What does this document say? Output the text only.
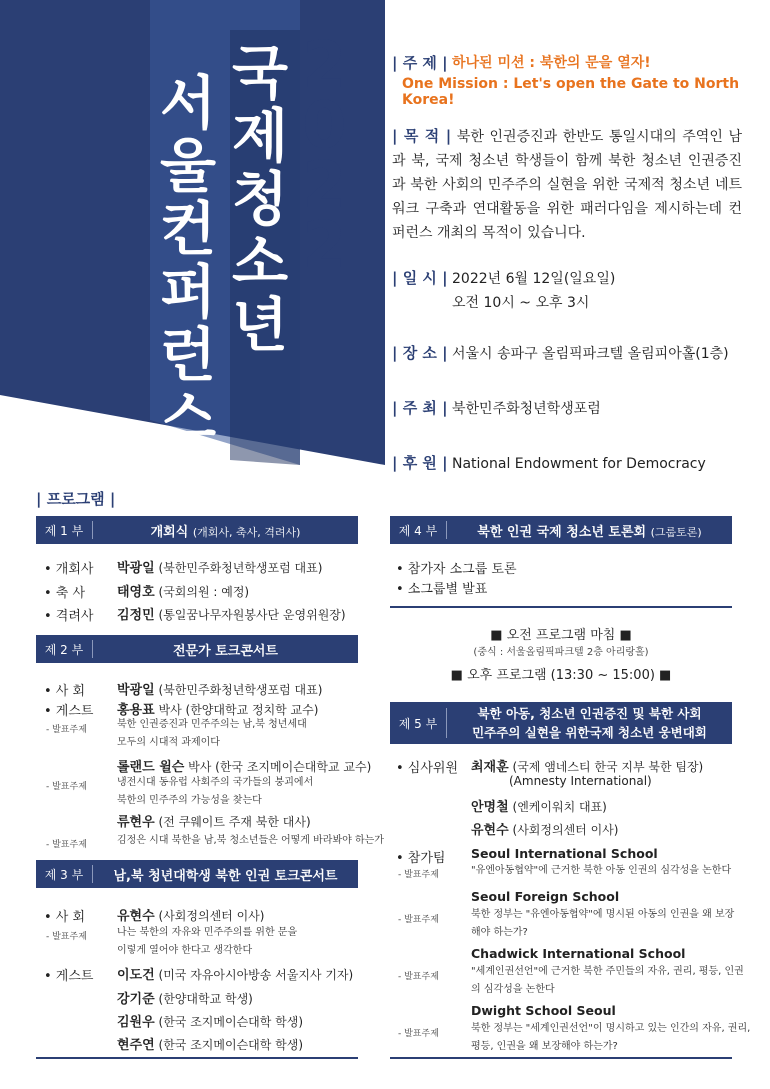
서
울
컨
퍼
런
스
국
제
청
소
년
2
0
2
2
| 주 제 | 하나된 미션 : 북한의 문을 열자!
One Mission : Let's open the Gate to North Korea!
| 목 적 | 북한 인권증진과 한반도 통일시대의 주역인 남과 북, 국제 청소년 학생들이 함께 북한 청소년 인권증진과 북한 사회의 민주주의 실현을 위한 국제적 청소년 네트워크 구축과 연대활동을 위한 패러다임을 제시하는데 컨퍼런스 개최의 목적이 있습니다.
| 일 시 | 2022년 6월 12일(일요일)
오전 10시 ~ 오후 3시
| 장 소 | 서울시 송파구 올림픽파크텔 올림피아홀(1층)
| 주 최 | 북한민주화청년학생포럼
| 후 원 | National Endowment for Democracy
| 프로그램 |
제 1 부	개회식 (개회사, 축사, 격려사)
• 개회사 박광일 (북한민주화청년학생포럼 대표)
• 축 사 태영호 (국회의원 : 예정)
• 격려사 김정민 (통일꿈나무자원봉사단 운영위원장)
제 2 부	전문가 토크콘서트
• 사 회 박광일 (북한민주화청년학생포럼 대표)
• 게스트 홍용표 박사 (한양대학교 정치학 교수)
- 발표주제	북한 인권증진과 민주주의는 남,북 청년세대
모두의 시대적 과제이다
롤랜드 윌슨 박사 (한국 조지메이슨대학교 교수)
- 발표주제	냉전시대 동유럽 사회주의 국가들의 붕괴에서
북한의 민주주의 가능성을 찾는다
류현우 (전 쿠웨이트 주재 북한 대사)
- 발표주제	김정은 시대 북한을 남,북 청소년들은 어떻게 바라봐야 하는가
제 3 부	남,북 청년대학생 북한 인권 토크콘서트
• 사 회 유현수 (사회정의센터 이사)
- 발표주제	나는 북한의 자유와 민주주의를 위한 문을
이렇게 열어야 한다고 생각한다
• 게스트 이도건 (미국 자유아시아방송 서울지사 기자)
강기준 (한양대학교 학생)
김원우 (한국 조지메이슨대학 학생)
현주연 (한국 조지메이슨대학 학생)
제 4 부	북한 인권 국제 청소년 토론회 (그룹토론)
• 참가자 소그룹 토론
• 소그룹별 발표
■ 오전 프로그램 마침 ■
(중식 : 서울올림픽파크텔 2층 아리랑홀)
■ 오후 프로그램 (13:30 ~ 15:00) ■
제 5 부
북한 아동, 청소년 인권증진 및 북한 사회
민주주의 실현을 위한국제 청소년 웅변대회
• 심사위원 최재훈 (국제 앰네스티 한국 지부 북한 팀장)
(Amnesty International)
안명철 (엔케이워치 대표)
유현수 (사회정의센터 이사)
• 참가팀 Seoul International School
- 발표주제	"유엔아동협약"에 근거한 북한 아동 인권의 심각성을 논한다
Seoul Foreign School
- 발표주제	북한 정부는 "유엔아동협약"에 명시된 아동의 인권을 왜 보장
해야 하는가?
Chadwick International School
- 발표주제	"세계인권선언"에 근거한 북한 주민들의 자유, 권리, 평등, 인권
의 심각성을 논한다
Dwight School Seoul
- 발표주제	북한 정부는 "세계인권선언"이 명시하고 있는 인간의 자유, 권리,
평등, 인권을 왜 보장해야 하는가?
